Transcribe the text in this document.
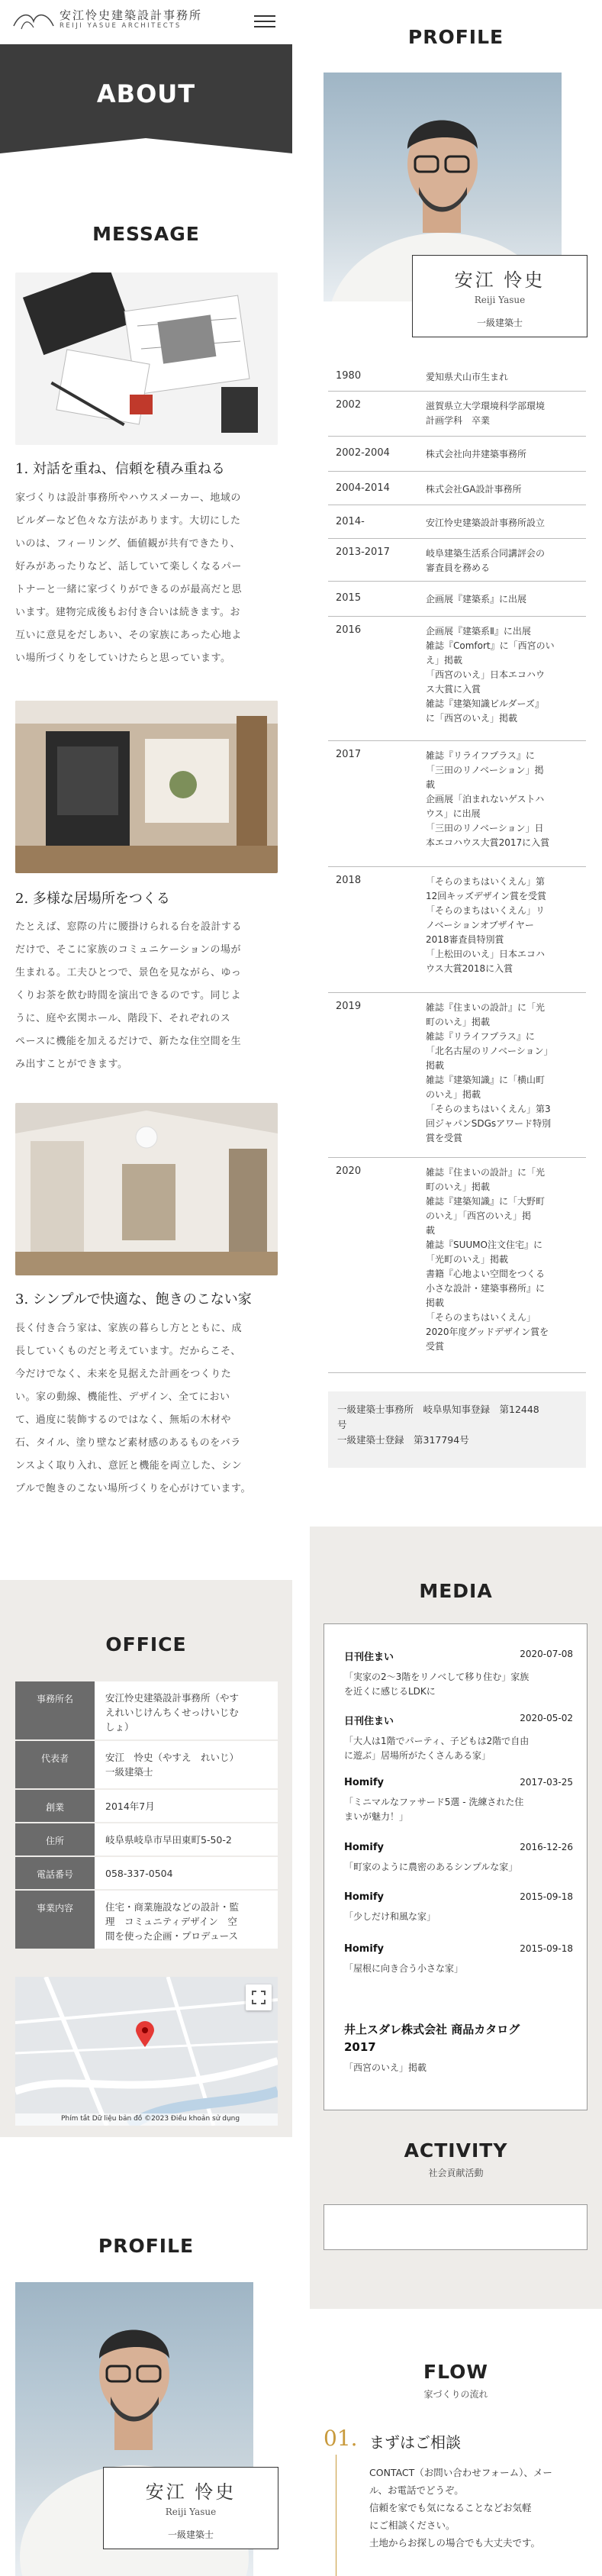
安江怜史建築設計事務所
REIJI YASUE ARCHITECTS
ABOUT
MESSAGE
1. 対話を重ね、信頼を積み重ねる
家づくりは設計事務所やハウスメーカー、地域の
ビルダーなど色々な方法があります。大切にした
いのは、フィーリング、価値観が共有できたり、
好みがあったりなど、話していて楽しくなるパー
トナーと一緒に家づくりができるのが最高だと思
います。建物完成後もお付き合いは続きます。お
互いに意見をだしあい、その家族にあった心地よ
い場所づくりをしていけたらと思っています。
2. 多様な居場所をつくる
たとえば、窓際の片に腰掛けられる台を設計する
だけで、そこに家族のコミュニケーションの場が
生まれる。工夫ひとつで、景色を見ながら、ゆっ
くりお茶を飲む時間を演出できるのです。同じよ
うに、庭や玄関ホール、階段下、それぞれのス
ペースに機能を加えるだけで、新たな住空間を生
み出すことができます。
3. シンプルで快適な、飽きのこない家
長く付き合う家は、家族の暮らし方とともに、成
長していくものだと考えています。だからこそ、
今だけでなく、未来を見据えた計画をつくりた
い。家の動線、機能性、デザイン、全てにおい
て、過度に装飾するのではなく、無垢の木材や
石、タイル、塗り壁など素材感のあるものをバラ
ンスよく取り入れ、意匠と機能を両立した、シン
プルで飽きのこない場所づくりを心がけています。
PROFILE
安江 怜史
Reiji Yasue
一級建築士
1980	愛知県犬山市生まれ
2002	滋賀県立大学環境科学部環境
計画学科　卒業
2002-2004	株式会社向井建築事務所
2004-2014	株式会社GA設計事務所
2014-	安江怜史建築設計事務所設立
2013-2017	岐阜建築生活系合同講評会の
審査員を務める
2015	企画展『建築系』に出展
2016	企画展『建築系Ⅱ』に出展
雑誌『Comfort』に「西宮のい
え」掲載
「西宮のいえ」日本エコハウ
ス大賞に入賞
雑誌『建築知識ビルダーズ』
に「西宮のいえ」掲載
2017	雑誌『リライフプラス』に
「三田のリノベーション」掲
載
企画展「泊まれないゲストハ
ウス」に出展
「三田のリノベーション」日
本エコハウス大賞2017に入賞
2018	「そらのまちはいくえん」第
12回キッズデザイン賞を受賞
「そらのまちはいくえん」リ
ノベーションオブザイヤー
2018審査員特別賞
「上松田のいえ」日本エコハ
ウス大賞2018に入賞
2019	雑誌『住まいの設計』に「光
町のいえ」掲載
雑誌『リライフプラス』に
「北名古屋のリノベーション」
掲載
雑誌『建築知識』に「横山町
のいえ」掲載
「そらのまちはいくえん」第3
回ジャパンSDGsアワード特別
賞を受賞
2020	雑誌『住まいの設計』に「光
町のいえ」掲載
雑誌『建築知識』に「大野町
のいえ」「西宮のいえ」掲
載
雑誌『SUUMO注文住宅』に
「光町のいえ」掲載
書籍『心地よい空間をつくる
小さな設計・建築事務所』に
掲載
「そらのまちはいくえん」
2020年度グッドデザイン賞を
受賞
一級建築士事務所　岐阜県知事登録　第12448
号
一級建築士登録　第317794号
MEDIA
日刊住まい	2020-07-08
「実家の2〜3階をリノベして移り住む」家族
を近くに感じるLDKに
日刊住まい	2020-05-02
「大人は1階でパーティ、子どもは2階で自由
に遊ぶ」居場所がたくさんある家」
Homify	2017-03-25
「ミニマルなファサード5選 - 洗練された住
まいが魅力！」
Homify	2016-12-26
「町家のように農密のあるシンプルな家」
Homify	2015-09-18
「少しだけ和風な家」
Homify	2015-09-18
「屋根に向き合う小さな家」
井上スダレ株式会社 商品カタログ
2017
「西宮のいえ」掲載
ACTIVITY
社会貢献活動
OFFICE
事務所名	安江怜史建築設計事務所（やす
えれいじけんちくせっけいじむ
しょ）
代表者	安江　怜史（やすえ　れいじ）
一級建築士
創業	2014年7月
住所	岐阜県岐阜市早田東町5-50-2
電話番号	058-337-0504
事業内容	住宅・商業施設などの設計・監
理　コミュニティデザイン　空
間を使った企画・プロデュース
Phím tắt Dữ liệu bản đồ ©2023 Điều khoản sử dụng
PROFILE
安江 怜史
Reiji Yasue
一級建築士
FLOW
家づくりの流れ
01. まずはご相談
CONTACT（お問い合わせフォーム）、メー
ル、お電話でどうぞ。
信頼を家でも気になることなどお気軽
にご相談ください。
土地からお探しの場合でも大丈夫です。
